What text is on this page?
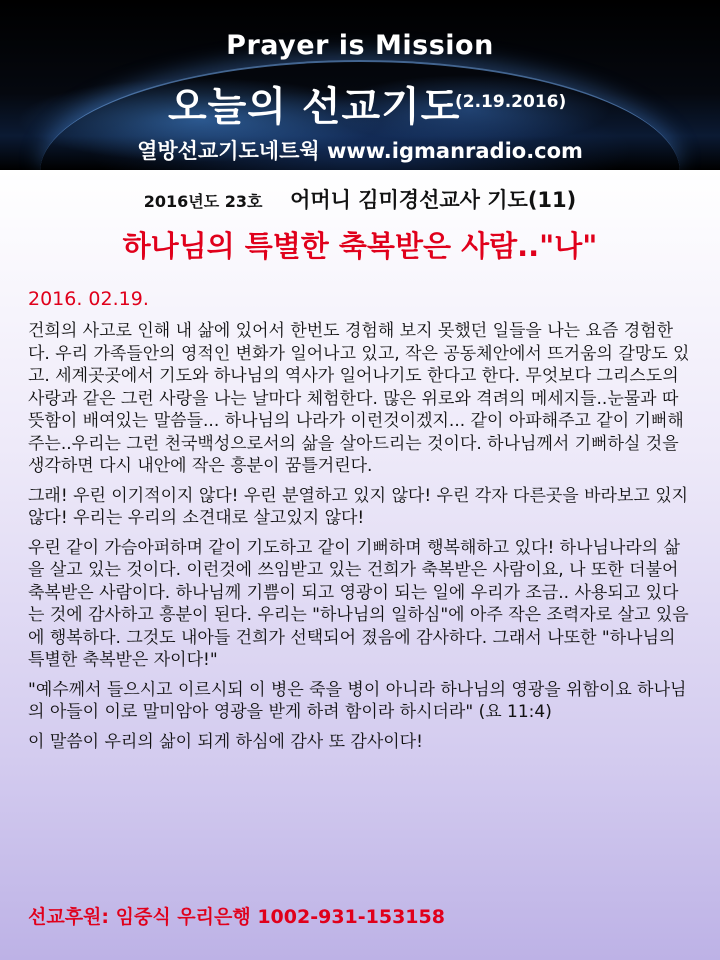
Prayer is Mission
오늘의 선교기도
(2.19.2016)
열방선교기도네트웍 www.igmanradio.com
2016년도 23호 어머니 김미경선교사 기도(11)
하나님의 특별한 축복받은 사람.."나"
2016. 02.19.

건희의 사고로 인해 내 삶에 있어서 한번도 경험해 보지 못했던 일들을 나는 요즘 경험한다. 우리 가족들안의 영적인 변화가 일어나고 있고, 작은 공동체안에서 뜨거움의 갈망도 있고. 세계곳곳에서 기도와 하나님의 역사가 일어나기도 한다고 한다. 무엇보다 그리스도의 사랑과 같은 그런 사랑을 나는 날마다 체험한다. 많은 위로와 격려의 메세지들..눈물과 따뜻함이 배여있는 말씀들... 하나님의 나라가 이런것이겠지... 같이 아파해주고 같이 기뻐해주는..우리는 그런 천국백성으로서의 삶을 살아드리는 것이다. 하나님께서 기뻐하실 것을 생각하면 다시 내안에 작은 흥분이 꿈틀거린다.

그래! 우린 이기적이지 않다! 우린 분열하고 있지 않다! 우린 각자 다른곳을 바라보고 있지 않다! 우리는 우리의 소견대로 살고있지 않다!

우린 같이 가슴아퍼하며 같이 기도하고 같이 기뻐하며 행복해하고 있다! 하나님나라의 삶을 살고 있는 것이다. 이런것에 쓰임받고 있는 건희가 축복받은 사람이요, 나 또한 더불어 축복받은 사람이다. 하나님께 기쁨이 되고 영광이 되는 일에 우리가 조금.. 사용되고 있다는 것에 감사하고 흥분이 된다. 우리는 "하나님의 일하심"에 아주 작은 조력자로 살고 있음에 행복하다. 그것도 내아들 건희가 선택되어 졌음에 감사하다. 그래서 나또한 "하나님의 특별한 축복받은 자이다!"

"예수께서 들으시고 이르시되 이 병은 죽을 병이 아니라 하나님의 영광을 위함이요 하나님의 아들이 이로 말미암아 영광을 받게 하려 함이라 하시더라" (요 11:4)

이 말씀이 우리의 삶이 되게 하심에 감사 또 감사이다!

선교후원: 임중식 우리은행 1002-931-153158
